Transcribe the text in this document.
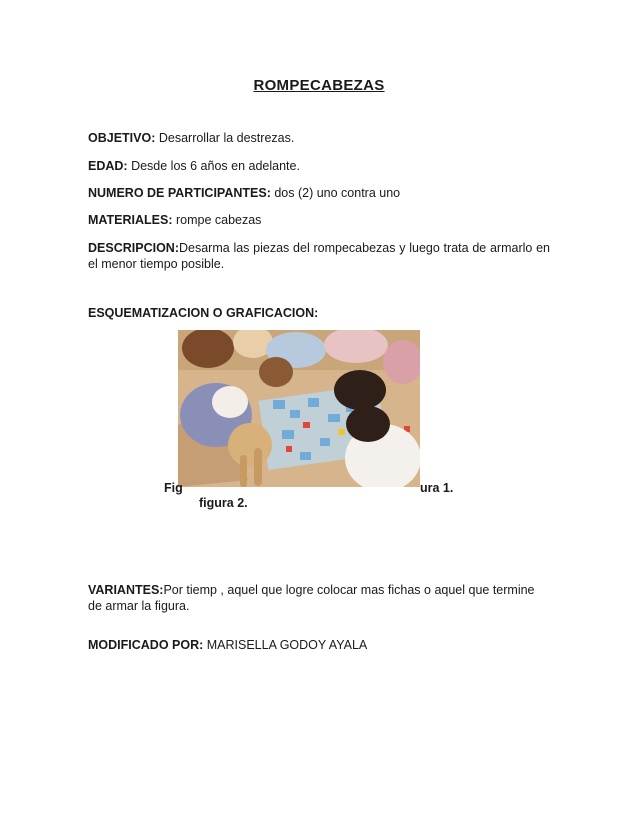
ROMPECABEZAS
OBJETIVO: Desarrollar la destrezas.
EDAD: Desde los 6 años en adelante.
NUMERO DE PARTICIPANTES: dos (2) uno contra uno
MATERIALES: rompe cabezas
DESCRIPCION:Desarma las piezas del rompecabezas y luego trata de armarlo en el menor tiempo posible.
ESQUEMATIZACION O GRAFICACION:
Fig	ura 1.
figura 2.
VARIANTES:Por tiemp , aquel que logre colocar mas fichas o aquel que termine de armar la figura.
MODIFICADO POR: MARISELLA GODOY AYALA
